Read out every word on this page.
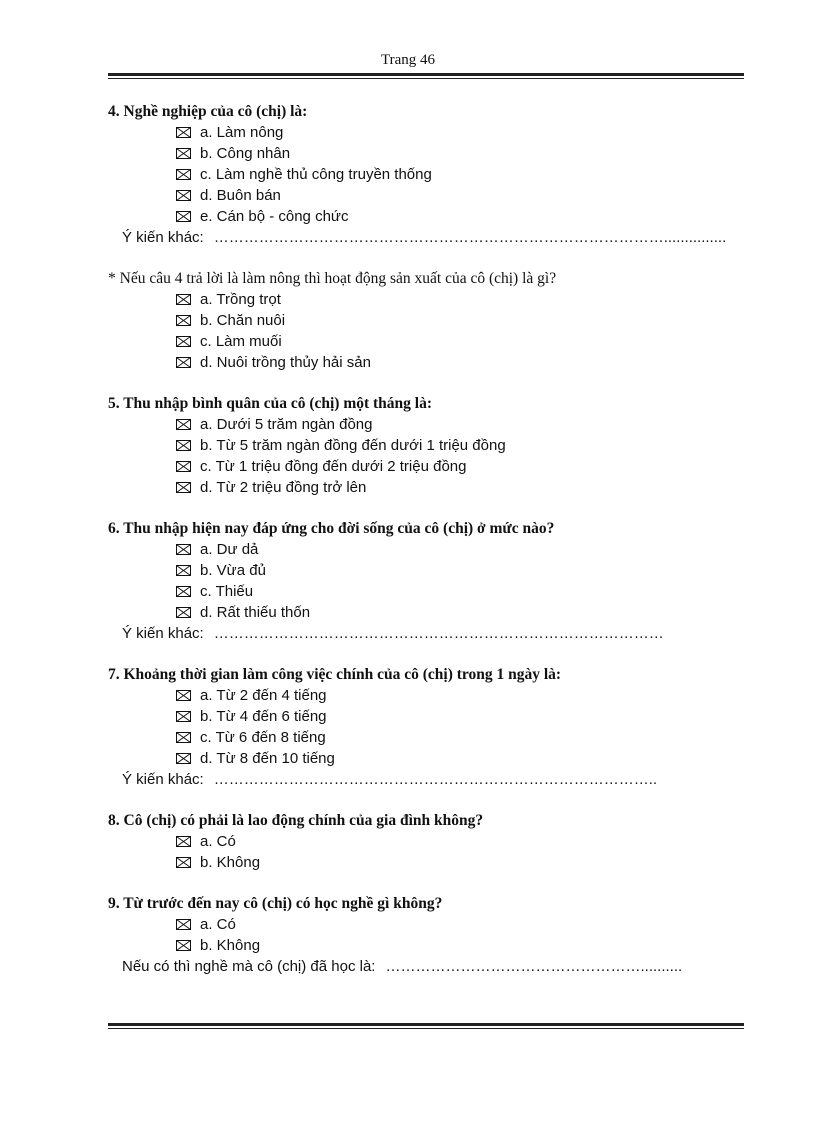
Trang 46
4. Nghề nghiệp của cô (chị) là:
a. Làm nông
b. Công nhân
c. Làm nghề thủ công truyền thống
d. Buôn bán
e. Cán bộ - công chức
Ý kiến khác: ………………………………………………………………………………...............
* Nếu câu 4 trả lời là làm nông thì hoạt động sản xuất của cô (chị) là gì?
a. Trồng trọt
b. Chăn nuôi
c. Làm muối
d. Nuôi trồng thủy hải sản
5. Thu nhập bình quân của cô (chị) một tháng là:
a. Dưới 5 trăm ngàn đồng
b. Từ 5 trăm ngàn đồng đến dưới 1 triệu đồng
c. Từ 1 triệu đồng đến dưới 2 triệu đồng
d. Từ 2 triệu đồng trở lên
6. Thu nhập hiện nay đáp ứng cho đời sống của cô (chị) ở mức nào?
a. Dư dả
b. Vừa đủ
c. Thiếu
d. Rất thiếu thốn
Ý kiến khác: ………………………………………………………………………………
7. Khoảng thời gian làm công việc chính của cô (chị) trong 1 ngày là:
a. Từ 2 đến 4 tiếng
b. Từ 4 đến 6 tiếng
c. Từ 6 đến 8 tiếng
d. Từ 8 đến 10 tiếng
Ý kiến khác: ……………………………………………………………………………..
8. Cô (chị) có phải là lao động chính của gia đình không?
a. Có
b. Không
9. Từ trước đến nay cô (chị) có học nghề gì không?
a. Có
b. Không
Nếu có thì nghề mà cô (chị) đã học là: ……………………………………………..........
